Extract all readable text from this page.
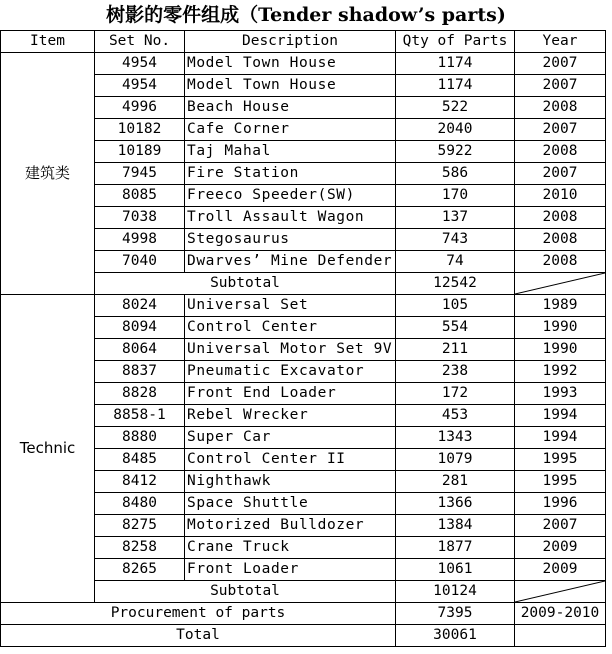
树影的零件组成（Tender shadow’s parts)
Item	Set No.	Description	Qty of Parts	Year
建筑类	4954	Model Town House	1174	2007
	4954	Model Town House	1174	2007
	4996	Beach House	522	2008
	10182	Cafe Corner	2040	2007
	10189	Taj Mahal	5922	2008
	7945	Fire Station	586	2007
	8085	Freeco Speeder(SW)	170	2010
	7038	Troll Assault Wagon	137	2008
	4998	Stegosaurus	743	2008
	7040	Dwarves’ Mine Defender	74	2008
	Subtotal		12542	

Technic	8024	Universal Set	105	1989
	8094	Control Center	554	1990
	8064	Universal Motor Set 9V	211	1990
	8837	Pneumatic Excavator	238	1992
	8828	Front End Loader	172	1993
	8858-1	Rebel Wrecker	453	1994
	8880	Super Car	1343	1994
	8485	Control Center II	1079	1995
	8412	Nighthawk	281	1995
	8480	Space Shuttle	1366	1996
	8275	Motorized Bulldozer	1384	2007
	8258	Crane Truck	1877	2009
	8265	Front Loader	1061	2009
	Subtotal		10124	

Procurement of parts			7395	2009-2010
Total			30061	
